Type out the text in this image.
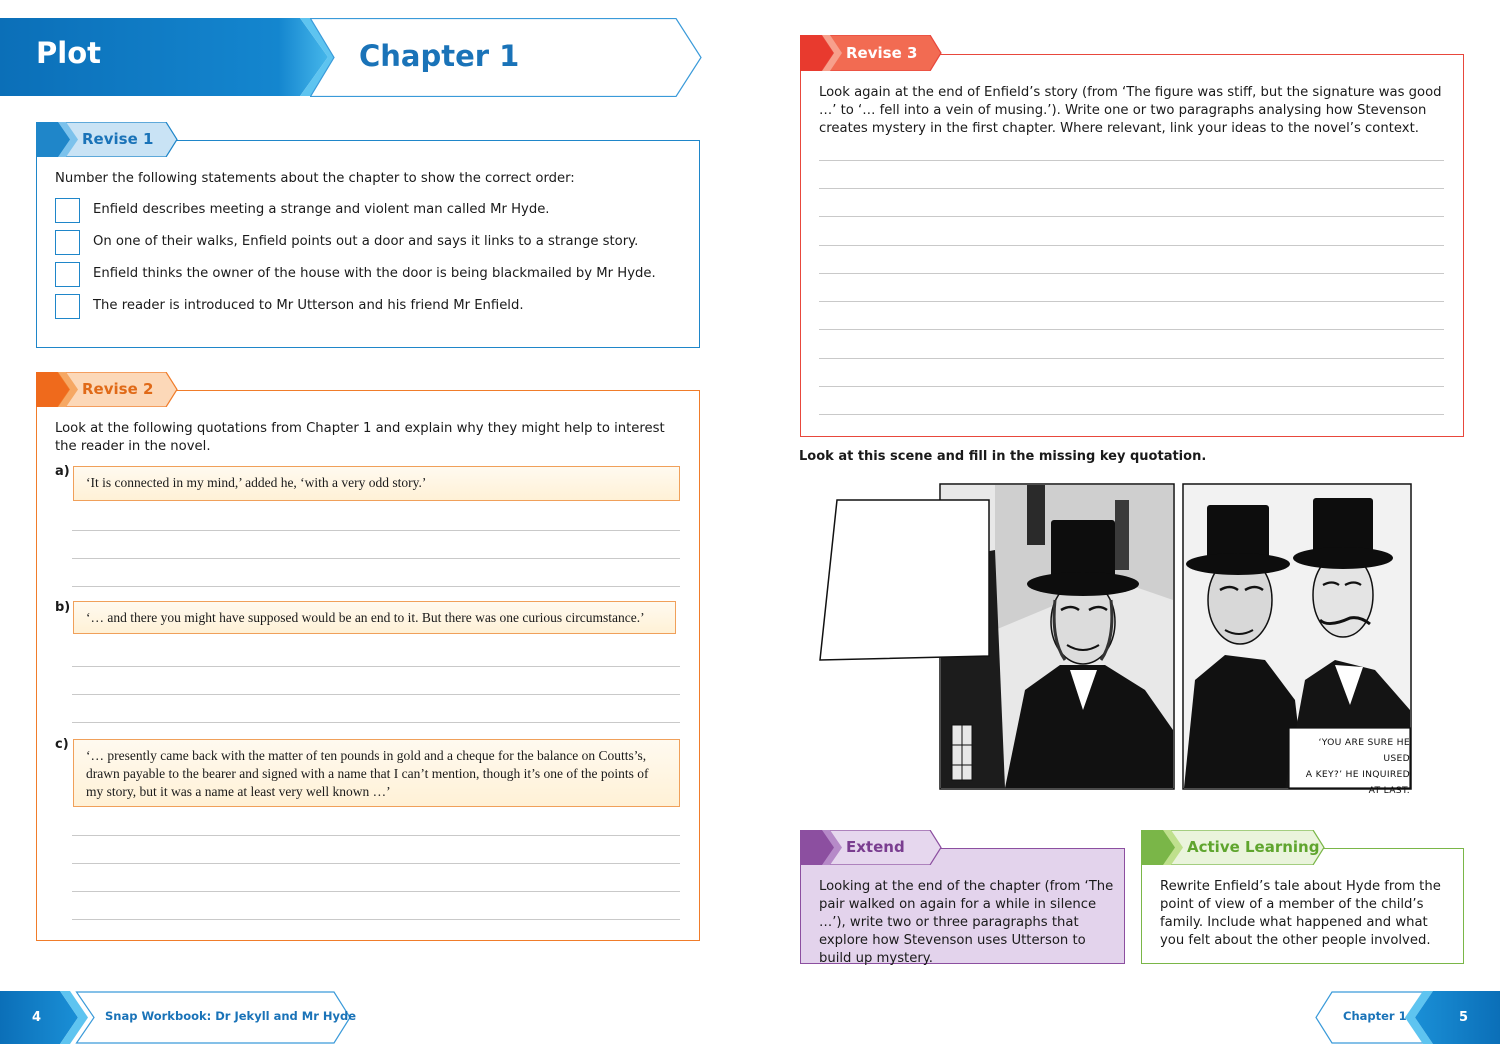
Plot	Chapter 1
Revise 1
Number the following statements about the chapter to show the correct order:
Enfield describes meeting a strange and violent man called Mr Hyde.
On one of their walks, Enfield points out a door and says it links to a strange story.
Enfield thinks the owner of the house with the door is being blackmailed by Mr Hyde.
The reader is introduced to Mr Utterson and his friend Mr Enfield.
Revise 2
Look at the following quotations from Chapter 1 and explain why they might help to interest the reader in the novel.
a)
‘It is connected in my mind,’ added he, ‘with a very odd story.’
b)
‘… and there you might have supposed would be an end to it. But there was one curious circumstance.’
c)
‘… presently came back with the matter of ten pounds in gold and a cheque for the balance on Coutts’s, drawn payable to the bearer and signed with a name that I can’t mention, though it’s one of the points of my story, but it was a name at least very well known …’
Revise 3
Look again at the end of Enfield’s story (from ‘The figure was stiff, but the signature was good …’ to ‘… fell into a vein of musing.’). Write one or two paragraphs analysing how Stevenson creates mystery in the first chapter. Where relevant, link your ideas to the novel’s context.
Look at this scene and fill in the missing key quotation.
‘YOU ARE SURE HE USED
A KEY?’ HE INQUIRED
AT LAST.
Extend
Looking at the end of the chapter (from ‘The pair walked on again for a while in silence …’), write two or three paragraphs that explore how Stevenson uses Utterson to build up mystery.
Active Learning
Rewrite Enfield’s tale about Hyde from the point of view of a member of the child’s family. Include what happened and what you felt about the other people involved.
4	Snap Workbook: Dr Jekyll and Mr Hyde	Chapter 1	5
